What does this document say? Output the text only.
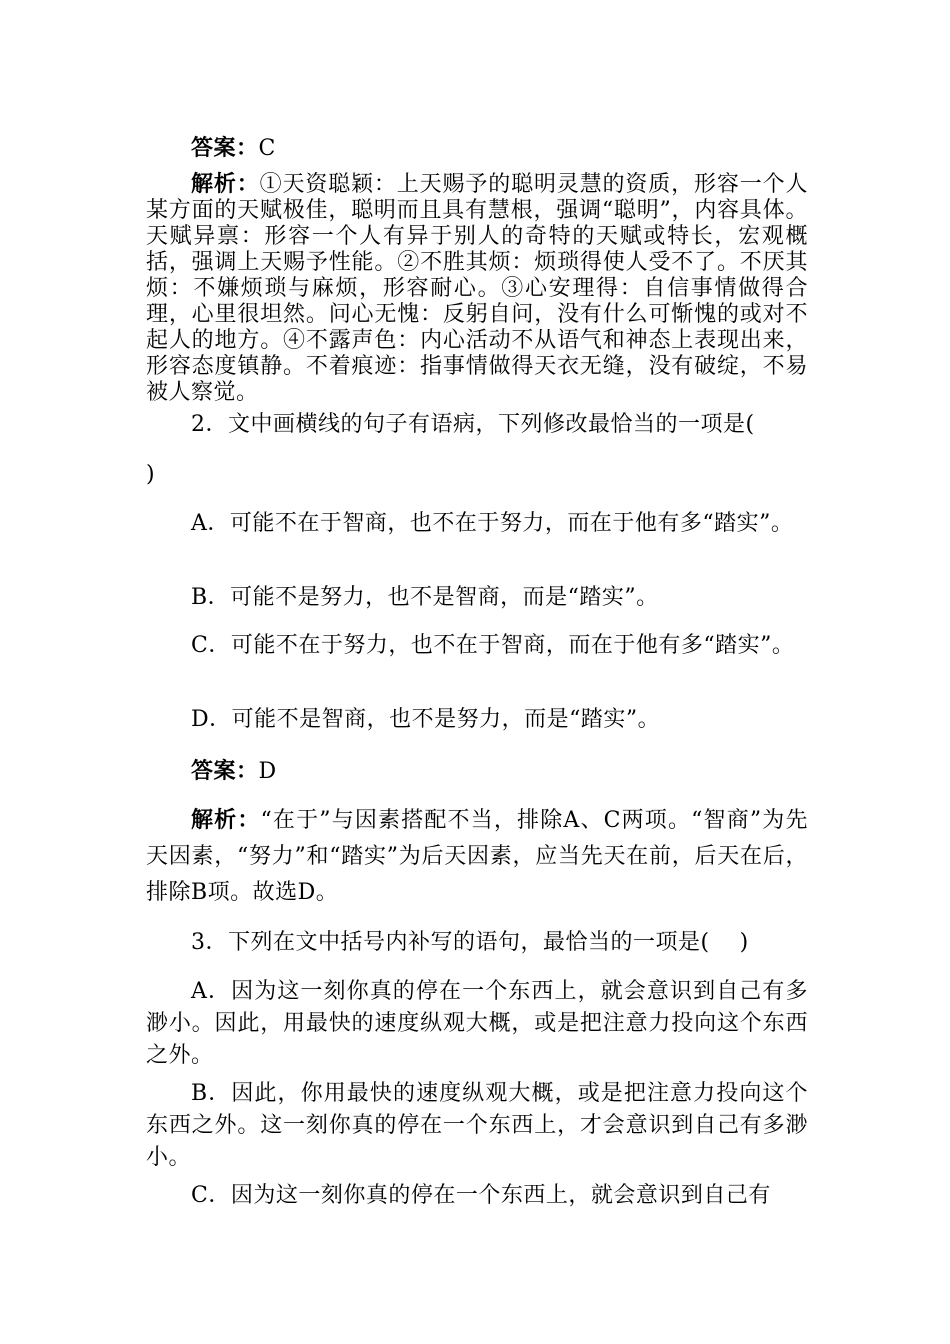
答案：C

解析：①天资聪颖：上天赐予的聪明灵慧的资质，形容一个人某方面的天赋极佳，聪明而且具有慧根，强调“聪明”，内容具体。天赋异禀：形容一个人有异于别人的奇特的天赋或特长，宏观概括，强调上天赐予性能。②不胜其烦：烦琐得使人受不了。不厌其烦：不嫌烦琐与麻烦，形容耐心。③心安理得：自信事情做得合理，心里很坦然。问心无愧：反躬自问，没有什么可惭愧的或对不起人的地方。④不露声色：内心活动不从语气和神态上表现出来，形容态度镇静。不着痕迹：指事情做得天衣无缝，没有破绽，不易被人察觉。

2．文中画横线的句子有语病，下列修改最恰当的一项是(

)

A．可能不在于智商，也不在于努力，而在于他有多“踏实”。

B．可能不是努力，也不是智商，而是“踏实”。

C．可能不在于努力，也不在于智商，而在于他有多“踏实”。

D．可能不是智商，也不是努力，而是“踏实”。

答案：D

解析：“在于”与因素搭配不当，排除A、C两项。“智商”为先天因素，“努力”和“踏实”为后天因素，应当先天在前，后天在后，排除B项。故选D。

3．下列在文中括号内补写的语句，最恰当的一项是( )

A．因为这一刻你真的停在一个东西上，就会意识到自己有多渺小。因此，用最快的速度纵观大概，或是把注意力投向这个东西之外。

B．因此，你用最快的速度纵观大概，或是把注意力投向这个东西之外。这一刻你真的停在一个东西上，才会意识到自己有多渺小。

C．因为这一刻你真的停在一个东西上，就会意识到自己有
